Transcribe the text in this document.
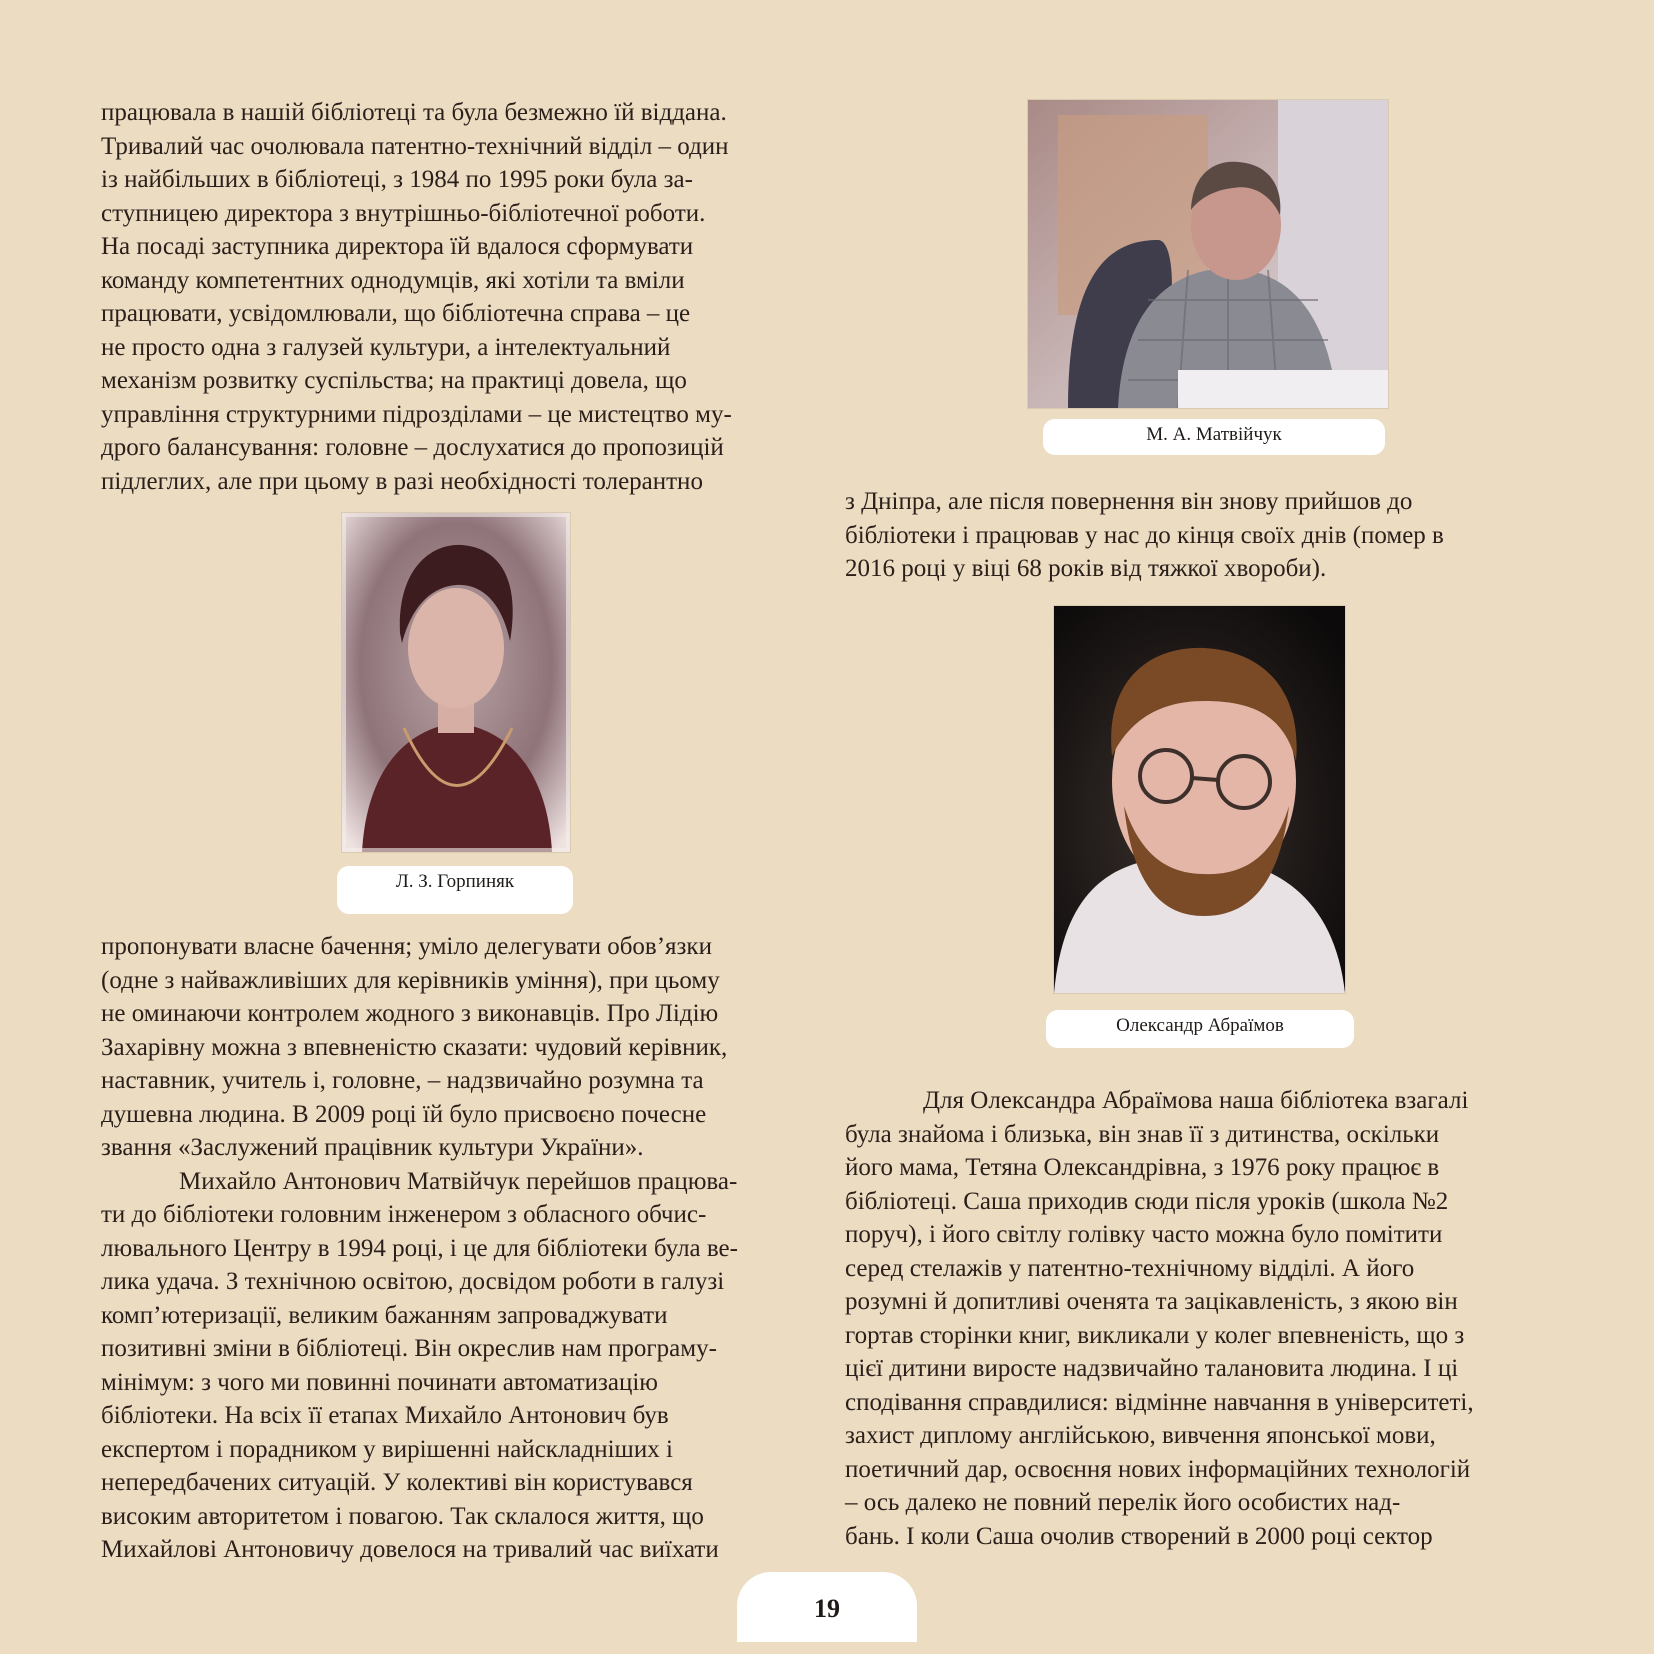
працювала в нашій бібліотеці та була безмежно їй віддана.
Тривалий час очолювала патентно-технічний відділ – один
із найбільших в бібліотеці, з 1984 по 1995 роки була за-
ступницею директора з внутрішньо-бібліотечної роботи.
На посаді заступника директора їй вдалося сформувати
команду компетентних однодумців, які хотіли та вміли
працювати, усвідомлювали, що бібліотечна справа – це
не просто одна з галузей культури, а інтелектуальний
механізм розвитку суспільства; на практиці довела, що
управління структурними підрозділами – це мистецтво му-
дрого балансування: головне – дослухатися до пропозицій
підлеглих, але при цьому в разі необхідності толерантно
Л. З. Горпиняк
пропонувати власне бачення; уміло делегувати обов’язки
(одне з найважливіших для керівників уміння), при цьому
не оминаючи контролем жодного з виконавців. Про Лідію
Захарівну можна з впевненістю сказати: чудовий керівник,
наставник, учитель і, головне, – надзвичайно розумна та
душевна людина. В 2009 році їй було присвоєно почесне
звання «Заслужений працівник культури України».
Михайло Антонович Матвійчук перейшов працюва-
ти до бібліотеки головним інженером з обласного обчис-
лювального Центру в 1994 році, і це для бібліотеки була ве-
лика удача. З технічною освітою, досвідом роботи в галузі
комп’ютеризації, великим бажанням запроваджувати
позитивні зміни в бібліотеці. Він окреслив нам програму-
мінімум: з чого ми повинні починати автоматизацію
бібліотеки. На всіх її етапах Михайло Антонович був
експертом і порадником у вирішенні найскладніших і
непередбачених ситуацій. У колективі він користувався
високим авторитетом і повагою. Так склалося життя, що
Михайлові Антоновичу довелося на тривалий час виїхати
М. А. Матвійчук
з Дніпра, але після повернення він знову прийшов до
бібліотеки і працював у нас до кінця своїх днів (помер в
2016 році у віці 68 років від тяжкої хвороби).
Олександр Абраїмов
Для Олександра Абраїмова наша бібліотека взагалі
була знайома і близька, він знав її з дитинства, оскільки
його мама, Тетяна Олександрівна, з 1976 року працює в
бібліотеці. Саша приходив сюди після уроків (школа №2
поруч), і його світлу голівку часто можна було помітити
серед стелажів у патентно-технічному відділі. А його
розумні й допитливі оченята та зацікавленість, з якою він
гортав сторінки книг, викликали у колег впевненість, що з
цієї дитини виросте надзвичайно талановита людина. І ці
сподівання справдилися: відмінне навчання в університеті,
захист диплому англійською, вивчення японської мови,
поетичний дар, освоєння нових інформаційних технологій
– ось далеко не повний перелік його особистих над-
бань. І коли Саша очолив створений в 2000 році сектор
19
